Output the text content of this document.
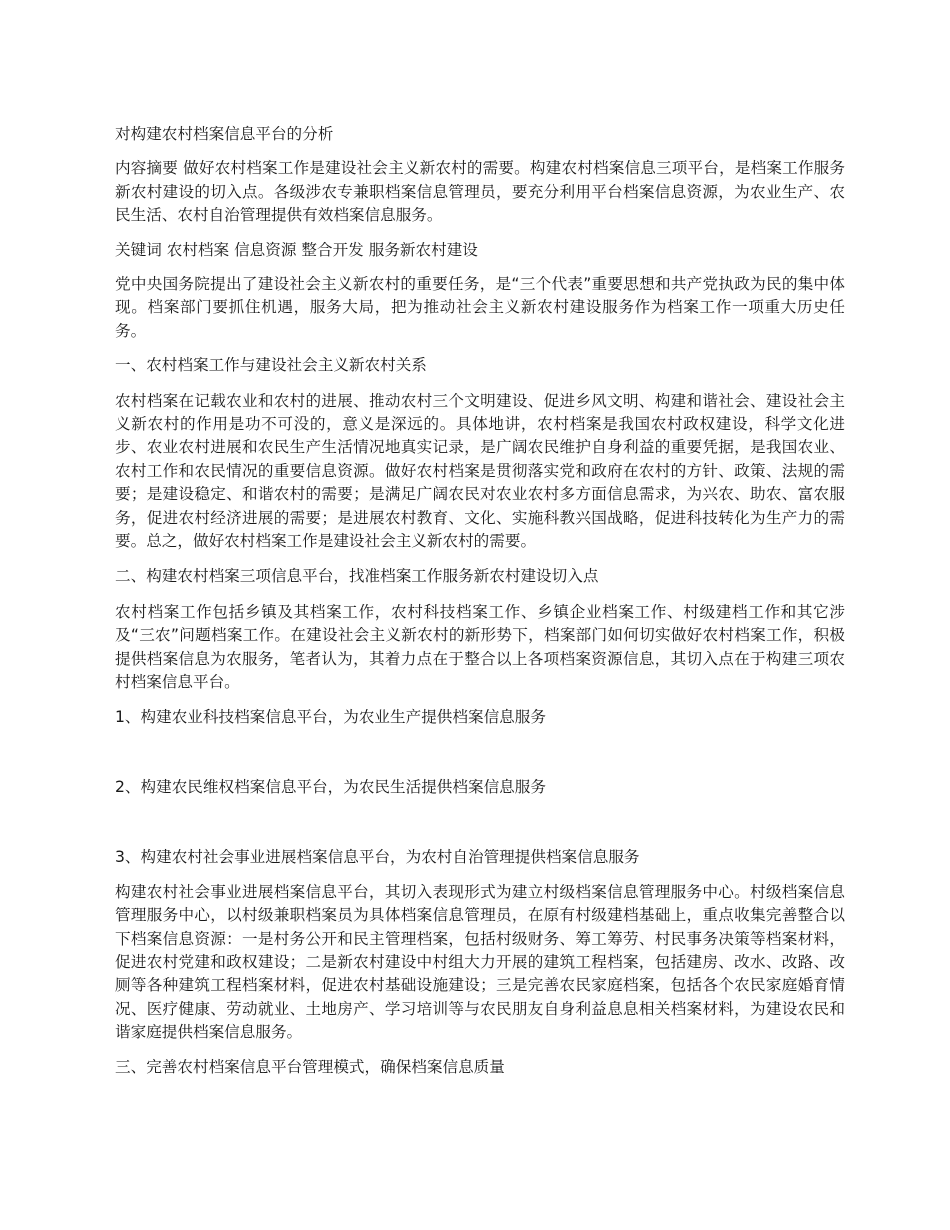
对构建农村档案信息平台的分析

内容摘要 做好农村档案工作是建设社会主义新农村的需要。构建农村档案信息三项平台，是档案工作服务新农村建设的切入点。各级涉农专兼职档案信息管理员，要充分利用平台档案信息资源，为农业生产、农民生活、农村自治管理提供有效档案信息服务。

关键词 农村档案 信息资源 整合开发 服务新农村建设

党中央国务院提出了建设社会主义新农村的重要任务，是“三个代表”重要思想和共产党执政为民的集中体现。档案部门要抓住机遇，服务大局，把为推动社会主义新农村建设服务作为档案工作一项重大历史任务。

一、农村档案工作与建设社会主义新农村关系

农村档案在记载农业和农村的进展、推动农村三个文明建设、促进乡风文明、构建和谐社会、建设社会主义新农村的作用是功不可没的，意义是深远的。具体地讲，农村档案是我国农村政权建设，科学文化进步、农业农村进展和农民生产生活情况地真实记录，是广阔农民维护自身利益的重要凭据，是我国农业、农村工作和农民情况的重要信息资源。做好农村档案是贯彻落实党和政府在农村的方针、政策、法规的需要；是建设稳定、和谐农村的需要；是满足广阔农民对农业农村多方面信息需求，为兴农、助农、富农服务，促进农村经济进展的需要；是进展农村教育、文化、实施科教兴国战略，促进科技转化为生产力的需要。总之，做好农村档案工作是建设社会主义新农村的需要。

二、构建农村档案三项信息平台，找准档案工作服务新农村建设切入点

农村档案工作包括乡镇及其档案工作，农村科技档案工作、乡镇企业档案工作、村级建档工作和其它涉及“三农”问题档案工作。在建设社会主义新农村的新形势下，档案部门如何切实做好农村档案工作，积极提供档案信息为农服务，笔者认为，其着力点在于整合以上各项档案资源信息，其切入点在于构建三项农村档案信息平台。

1、构建农业科技档案信息平台，为农业生产提供档案信息服务

2、构建农民维权档案信息平台，为农民生活提供档案信息服务

3、构建农村社会事业进展档案信息平台，为农村自治管理提供档案信息服务

构建农村社会事业进展档案信息平台，其切入表现形式为建立村级档案信息管理服务中心。村级档案信息管理服务中心，以村级兼职档案员为具体档案信息管理员，在原有村级建档基础上，重点收集完善整合以下档案信息资源：一是村务公开和民主管理档案，包括村级财务、筹工筹劳、村民事务决策等档案材料，促进农村党建和政权建设；二是新农村建设中村组大力开展的建筑工程档案，包括建房、改水、改路、改厕等各种建筑工程档案材料，促进农村基础设施建设；三是完善农民家庭档案，包括各个农民家庭婚育情况、医疗健康、劳动就业、土地房产、学习培训等与农民朋友自身利益息息相关档案材料，为建设农民和谐家庭提供档案信息服务。

三、完善农村档案信息平台管理模式，确保档案信息质量
